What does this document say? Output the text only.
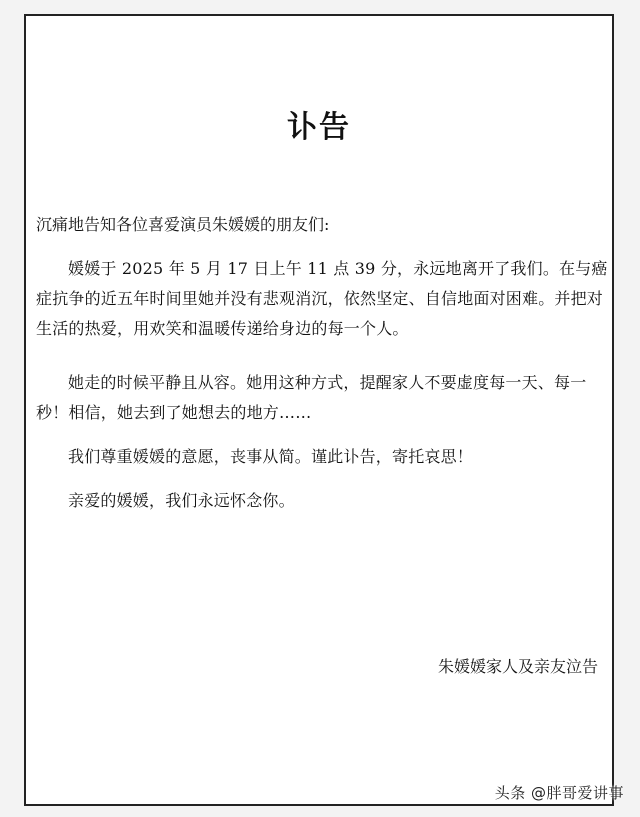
讣告

沉痛地告知各位喜爱演员朱媛媛的朋友们:

媛媛于 2025 年 5 月 17 日上午 11 点 39 分，永远地离开了我们。在与癌症抗争的近五年时间里她并没有悲观消沉，依然坚定、自信地面对困难。并把对生活的热爱，用欢笑和温暖传递给身边的每一个人。

她走的时候平静且从容。她用这种方式，提醒家人不要虚度每一天、每一秒！相信，她去到了她想去的地方……

我们尊重媛媛的意愿，丧事从简。谨此讣告，寄托哀思！

亲爱的媛媛，我们永远怀念你。

朱媛媛家人及亲友泣告

头条 @胖哥爱讲事
